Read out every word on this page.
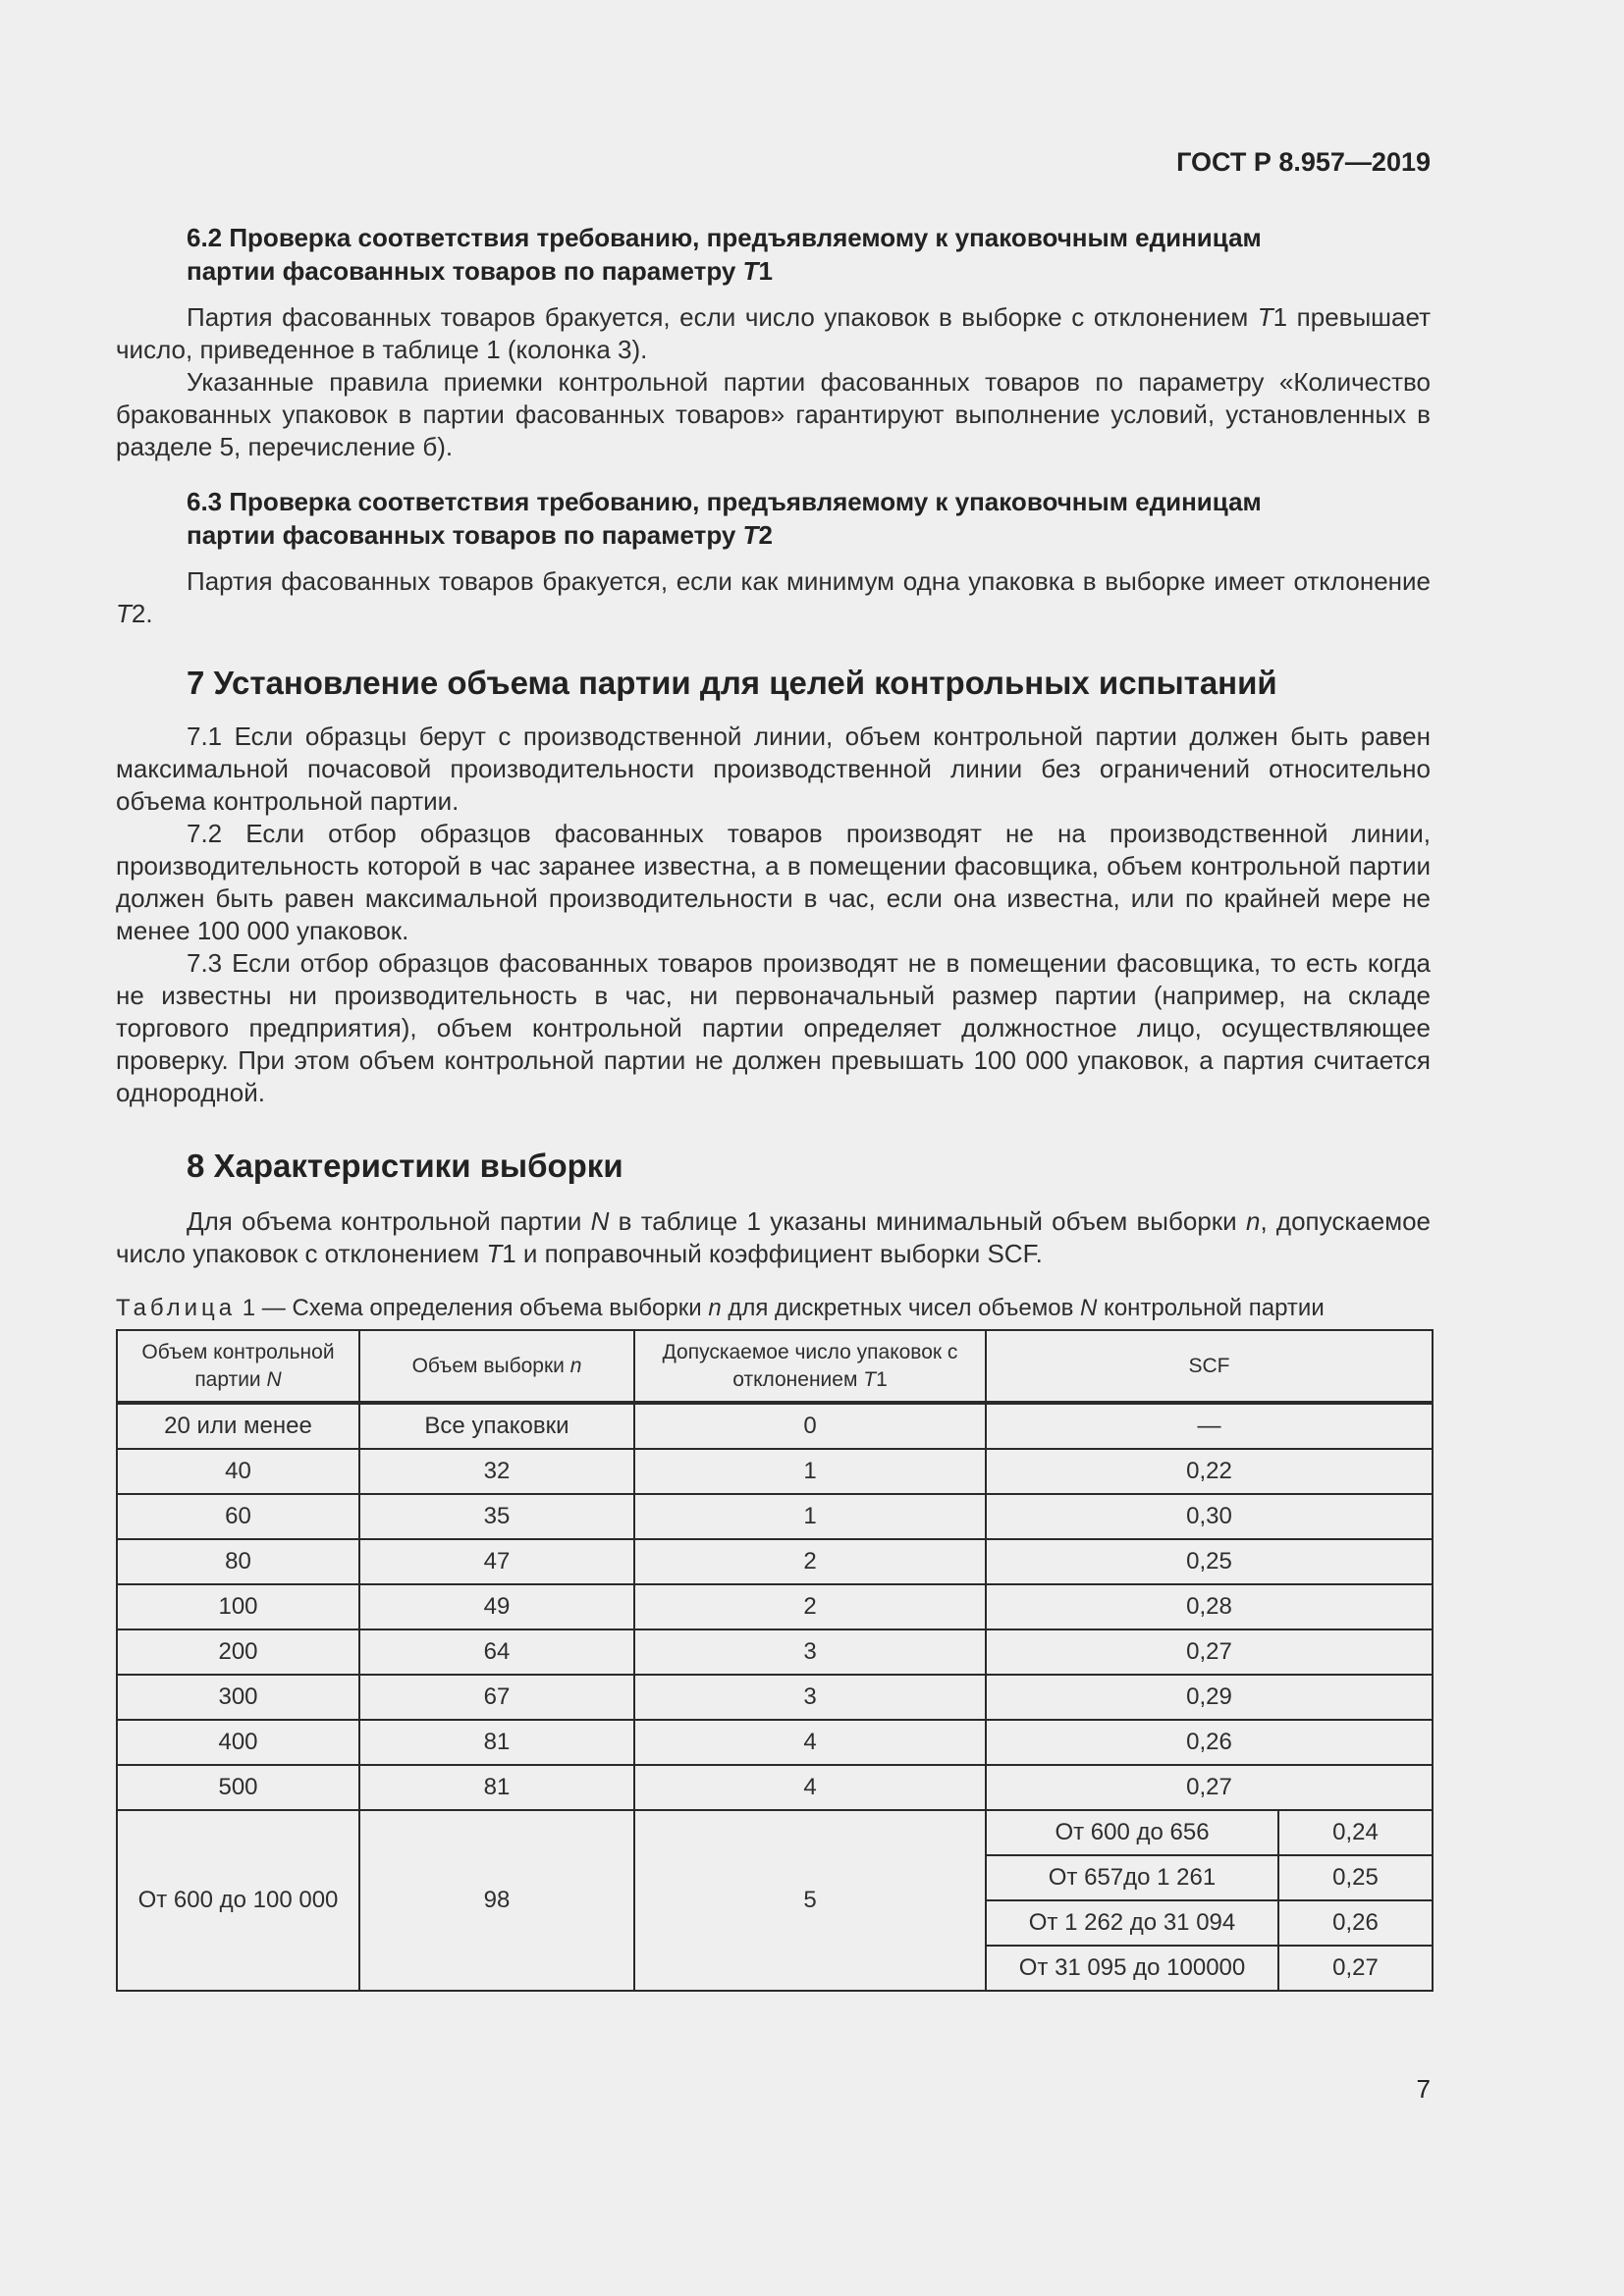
ГОСТ Р 8.957—2019

6.2 Проверка соответствия требованию, предъявляемому к упаковочным единицам
партии фасованных товаров по параметру Т1

Партия фасованных товаров бракуется, если число упаковок в выборке с отклонением Т1 превышает число, приведенное в таблице 1 (колонка 3).

Указанные правила приемки контрольной партии фасованных товаров по параметру «Количество бракованных упаковок в партии фасованных товаров» гарантируют выполнение условий, установленных в разделе 5, перечисление б).

6.3 Проверка соответствия требованию, предъявляемому к упаковочным единицам
партии фасованных товаров по параметру Т2

Партия фасованных товаров бракуется, если как минимум одна упаковка в выборке имеет отклонение Т2.

7 Установление объема партии для целей контрольных испытаний

7.1 Если образцы берут с производственной линии, объем контрольной партии должен быть равен максимальной почасовой производительности производственной линии без ограничений относительно объема контрольной партии.

7.2 Если отбор образцов фасованных товаров производят не на производственной линии, производительность которой в час заранее известна, а в помещении фасовщика, объем контрольной партии должен быть равен максимальной производительности в час, если она известна, или по крайней мере не менее 100 000 упаковок.

7.3 Если отбор образцов фасованных товаров производят не в помещении фасовщика, то есть когда не известны ни производительность в час, ни первоначальный размер партии (например, на складе торгового предприятия), объем контрольной партии определяет должностное лицо, осуществляющее проверку. При этом объем контрольной партии не должен превышать 100 000 упаковок, а партия считается однородной.

8 Характеристики выборки

Для объема контрольной партии N в таблице 1 указаны минимальный объем выборки n, допускаемое число упаковок с отклонением Т1 и поправочный коэффициент выборки SCF.

Таблица 1 — Схема определения объема выборки n для дискретных чисел объемов N контрольной партии

Объем контрольной партии N	Объем выборки n	Допускаемое число упаковок с отклонением Т1	SCF	
20 или менее	Все упаковки	0	—	
40	32	1	0,22	
60	35	1	0,30	
80	47	2	0,25	
100	49	2	0,28	
200	64	3	0,27	
300	67	3	0,29	
400	81	4	0,26	
500	81	4	0,27	
От 600 до 100 000	98	5	От 600 до 656	0,24
			От 657до 1 261	0,25
			От 1 262 до 31 094	0,26
			От 31 095 до 100000	0,27
7
